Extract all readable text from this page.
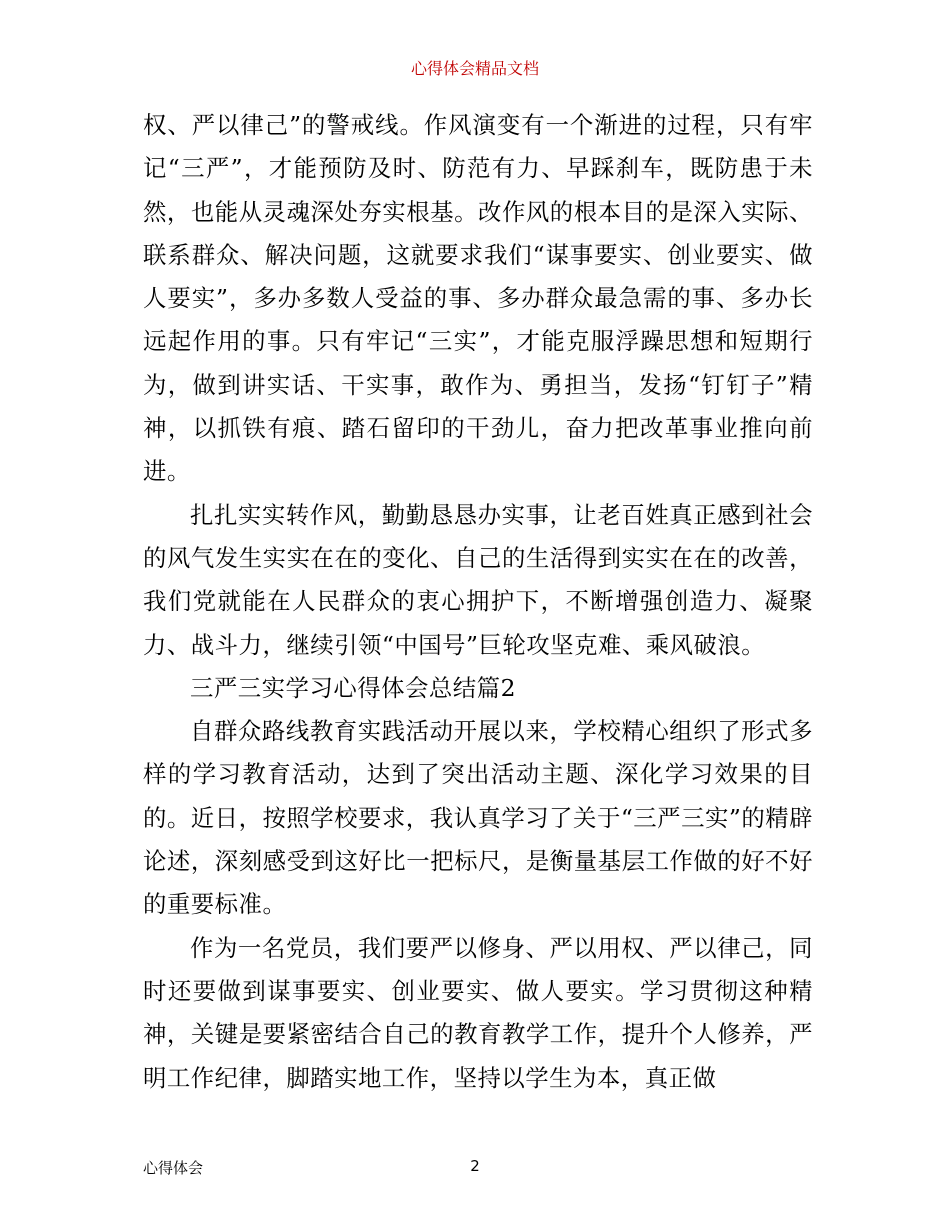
心得体会精品文档

权、严以律己”的警戒线。作风演变有一个渐进的过程，只有牢记“三严”，才能预防及时、防范有力、早踩刹车，既防患于未然，也能从灵魂深处夯实根基。改作风的根本目的是深入实际、联系群众、解决问题，这就要求我们“谋事要实、创业要实、做人要实”，多办多数人受益的事、多办群众最急需的事、多办长远起作用的事。只有牢记“三实”，才能克服浮躁思想和短期行为，做到讲实话、干实事，敢作为、勇担当，发扬“钉钉子”精神，以抓铁有痕、踏石留印的干劲儿，奋力把改革事业推向前进。

扎扎实实转作风，勤勤恳恳办实事，让老百姓真正感到社会的风气发生实实在在的变化、自己的生活得到实实在在的改善，我们党就能在人民群众的衷心拥护下，不断增强创造力、凝聚力、战斗力，继续引领“中国号”巨轮攻坚克难、乘风破浪。

三严三实学习心得体会总结篇2

自群众路线教育实践活动开展以来，学校精心组织了形式多样的学习教育活动，达到了突出活动主题、深化学习效果的目的。近日，按照学校要求，我认真学习了关于“三严三实”的精辟论述，深刻感受到这好比一把标尺，是衡量基层工作做的好不好的重要标准。

作为一名党员，我们要严以修身、严以用权、严以律己，同时还要做到谋事要实、创业要实、做人要实。学习贯彻这种精神，关键是要紧密结合自己的教育教学工作，提升个人修养，严明工作纪律，脚踏实地工作，坚持以学生为本，真正做

心得体会	2
